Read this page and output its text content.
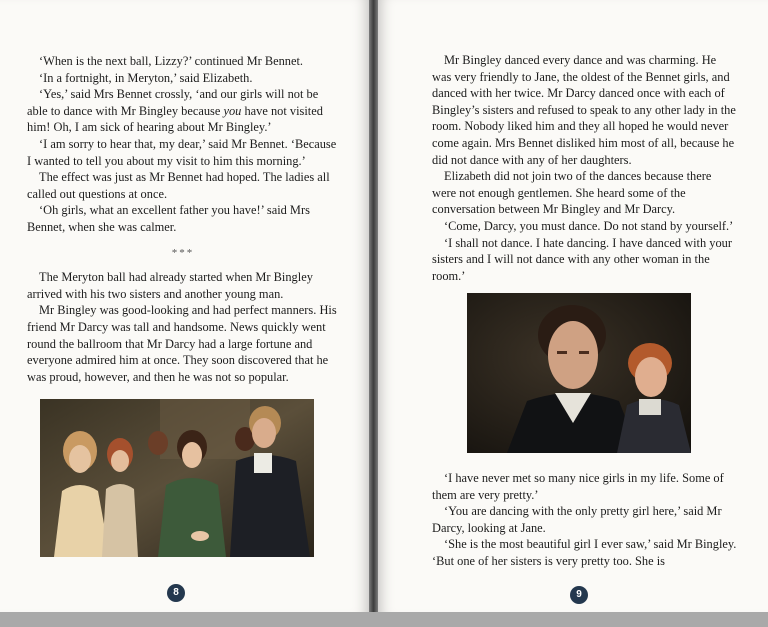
‘When is the next ball, Lizzy?’ continued Mr Bennet.

‘In a fortnight, in Meryton,’ said Elizabeth.

‘Yes,’ said Mrs Bennet crossly, ‘and our girls will not be able to dance with Mr Bingley because you have not visited him! Oh, I am sick of hearing about Mr Bingley.’

‘I am sorry to hear that, my dear,’ said Mr Bennet. ‘Because I wanted to tell you about my visit to him this morning.’

The effect was just as Mr Bennet had hoped. The ladies all called out questions at once.

‘Oh girls, what an excellent father you have!’ said Mrs Bennet, when she was calmer.

***

The Meryton ball had already started when Mr Bingley arrived with his two sisters and another young man.

Mr Bingley was good-looking and had perfect manners. His friend Mr Darcy was tall and handsome. News quickly went round the ballroom that Mr Darcy had a large fortune and everyone admired him at once. They soon discovered that he was proud, however, and then he was not so popular.

8

Mr Bingley danced every dance and was charming. He was very friendly to Jane, the oldest of the Bennet girls, and danced with her twice. Mr Darcy danced once with each of Bingley’s sisters and refused to speak to any other lady in the room. Nobody liked him and they all hoped he would never come again. Mrs Bennet disliked him most of all, because he did not dance with any of her daughters.

Elizabeth did not join two of the dances because there were not enough gentlemen. She heard some of the conversation between Mr Bingley and Mr Darcy.

‘Come, Darcy, you must dance. Do not stand by yourself.’

‘I shall not dance. I hate dancing. I have danced with your sisters and I will not dance with any other woman in the room.’

‘I have never met so many nice girls in my life. Some of them are very pretty.’

‘You are dancing with the only pretty girl here,’ said Mr Darcy, looking at Jane.

‘She is the most beautiful girl I ever saw,’ said Mr Bingley. ‘But one of her sisters is very pretty too. She is

9
